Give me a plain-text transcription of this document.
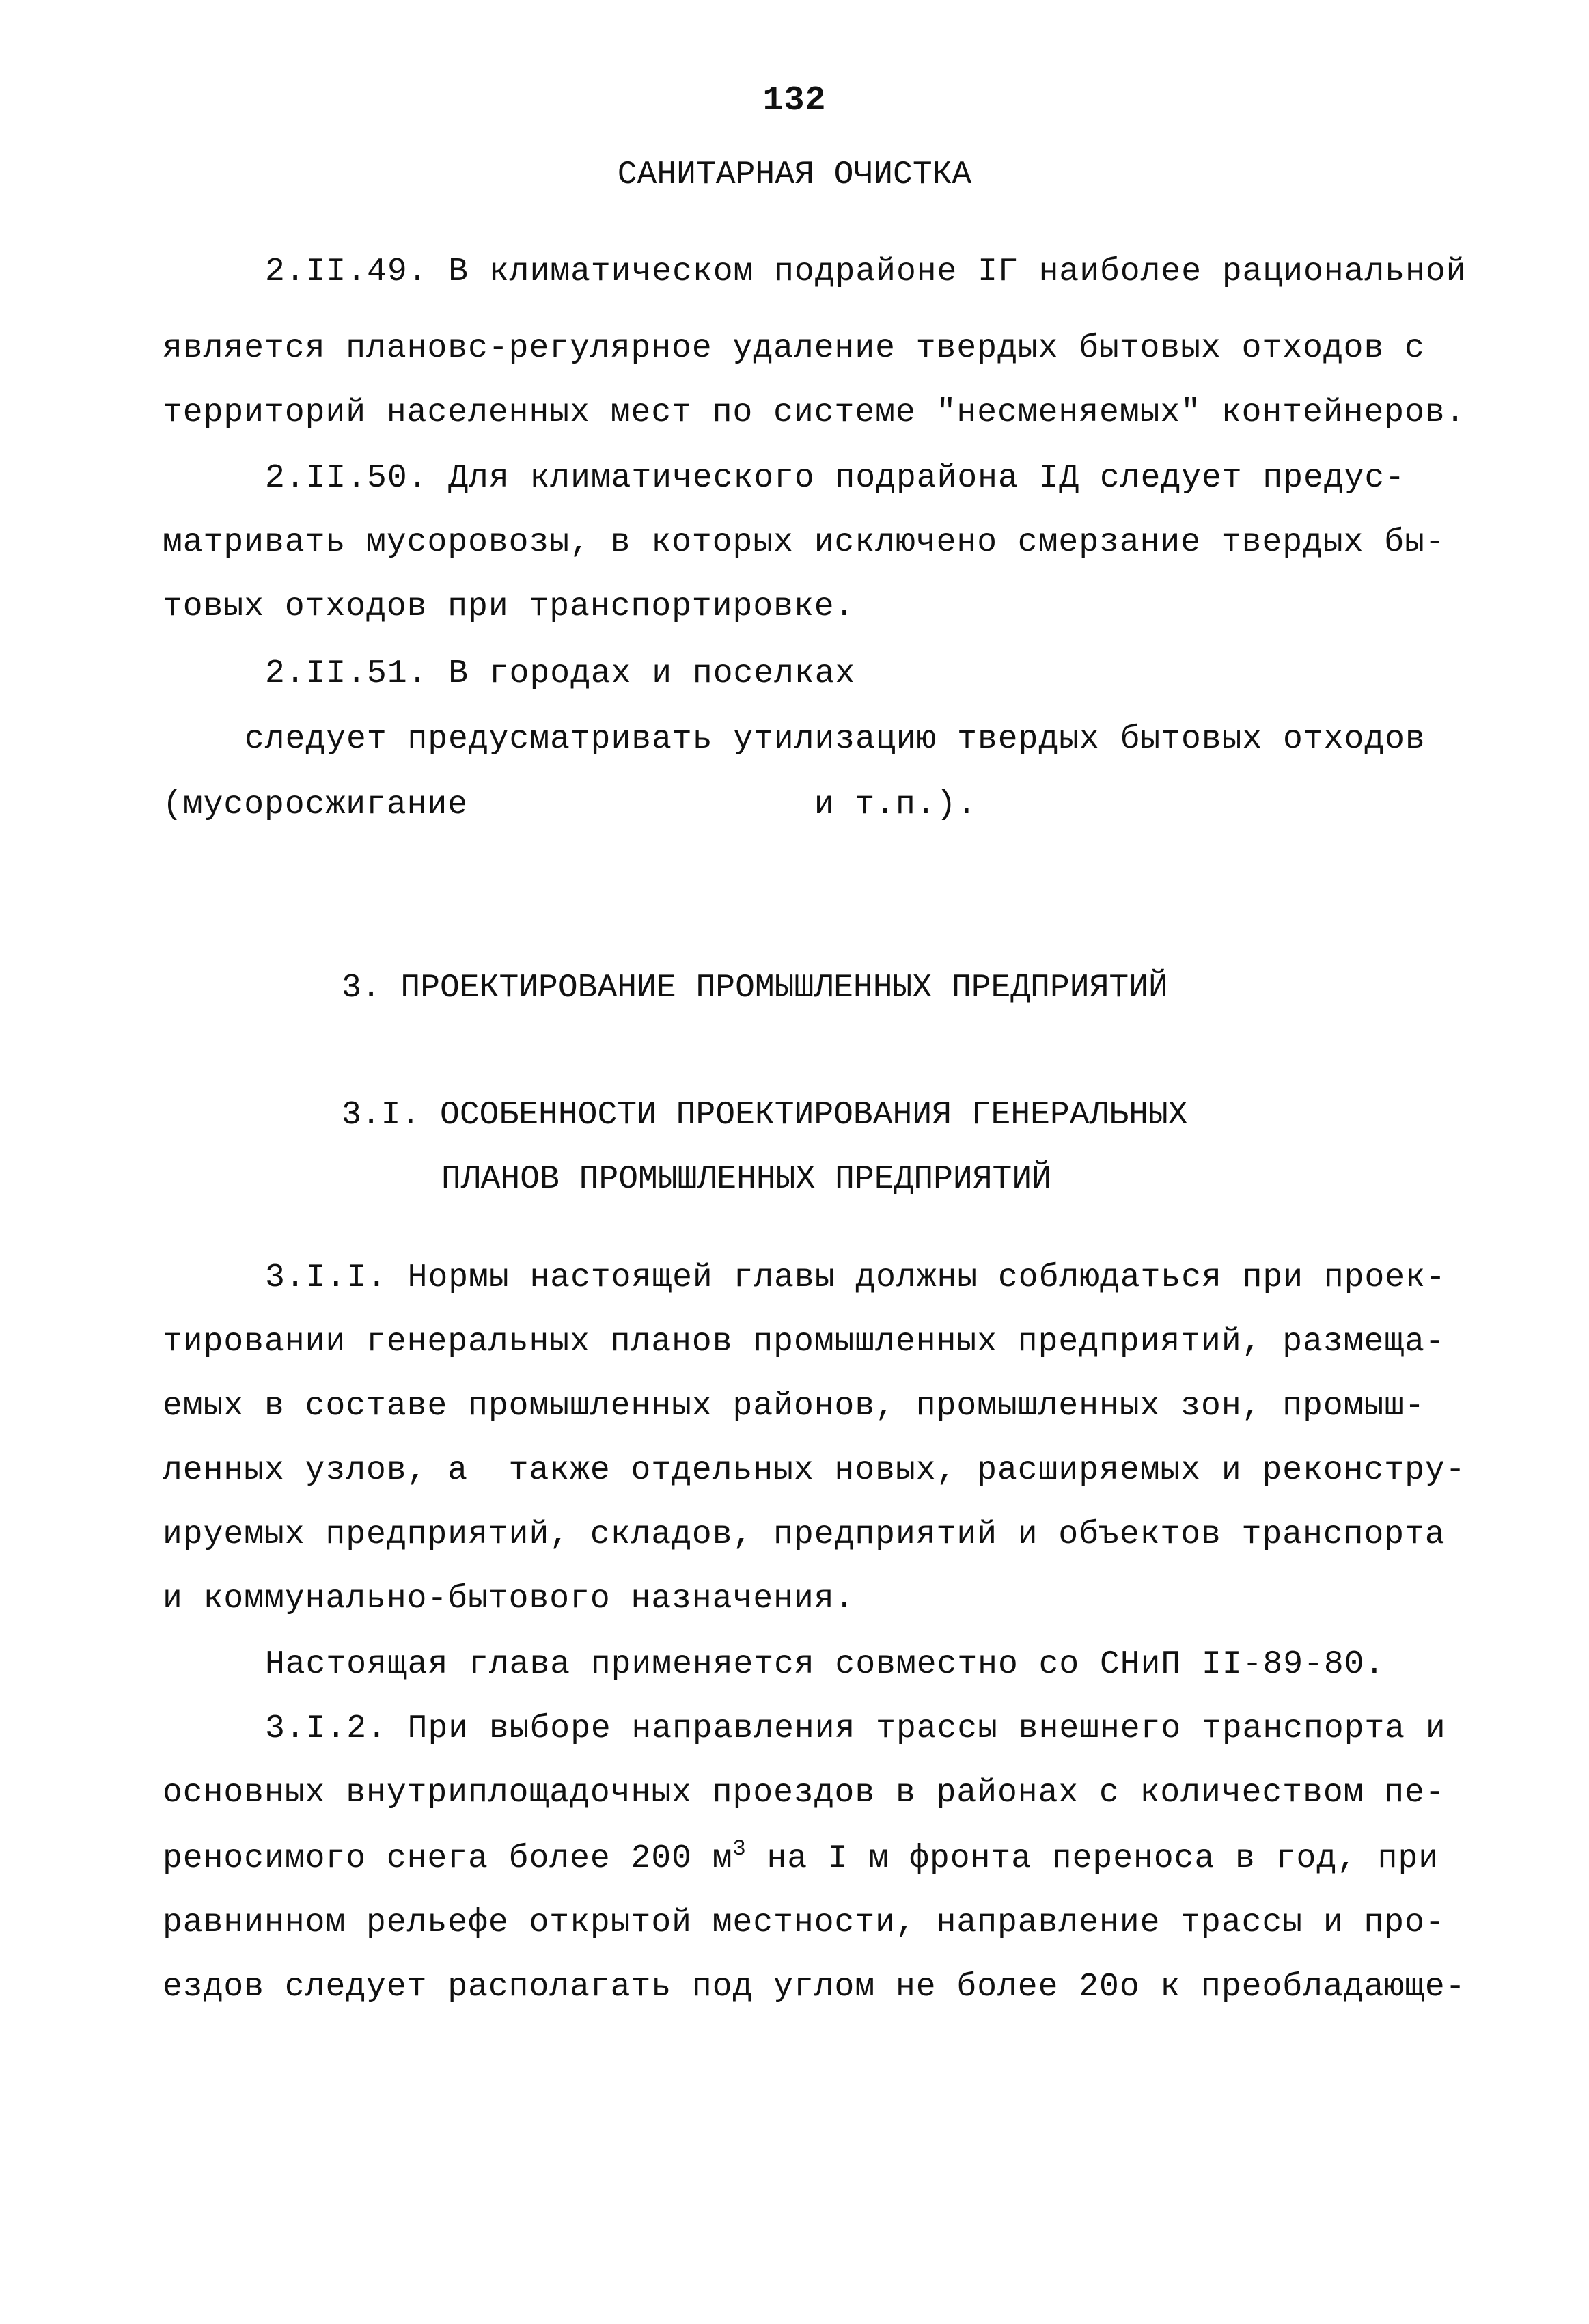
132
САНИТАРНАЯ ОЧИСТКА
2.II.49. В климатическом подрайоне IГ наиболее рациональной
является плановс-регулярное удаление твердых бытовых отходов с
территорий населенных мест по системе "несменяемых" контейнеров.
2.II.50. Для климатического подрайона IД следует предус-
матривать мусоровозы, в которых исключено смерзание твердых бы-
товых отходов при транспортировке.
2.II.51. В городах и поселках
следует предусматривать утилизацию твердых бытовых отходов
(мусоросжигание                 и т.п.).
3. ПРОЕКТИРОВАНИЕ ПРОМЫШЛЕННЫХ ПРЕДПРИЯТИЙ
3.I. ОСОБЕННОСТИ ПРОЕКТИРОВАНИЯ ГЕНЕРАЛЬНЫХ
ПЛАНОВ ПРОМЫШЛЕННЫХ ПРЕДПРИЯТИЙ
3.I.I. Нормы настоящей главы должны соблюдаться при проек-
тировании генеральных планов промышленных предприятий, размеща-
емых в составе промышленных районов, промышленных зон, промыш-
ленных узлов, а  также отдельных новых, расширяемых и реконстру-
ируемых предприятий, складов, предприятий и объектов транспорта
и коммунально-бытового назначения.
Настоящая глава применяется совместно со СНиП II-89-80.
3.I.2. При выборе направления трассы внешнего транспорта и
основных внутриплощадочных проездов в районах с количеством пе-
реносимого снега более 200 $м^3$ на I м фронта переноса в год, при
равнинном рельефе открытой местности, направление трассы и про-
ездов следует располагать под углом не более 20о к преобладающе-
